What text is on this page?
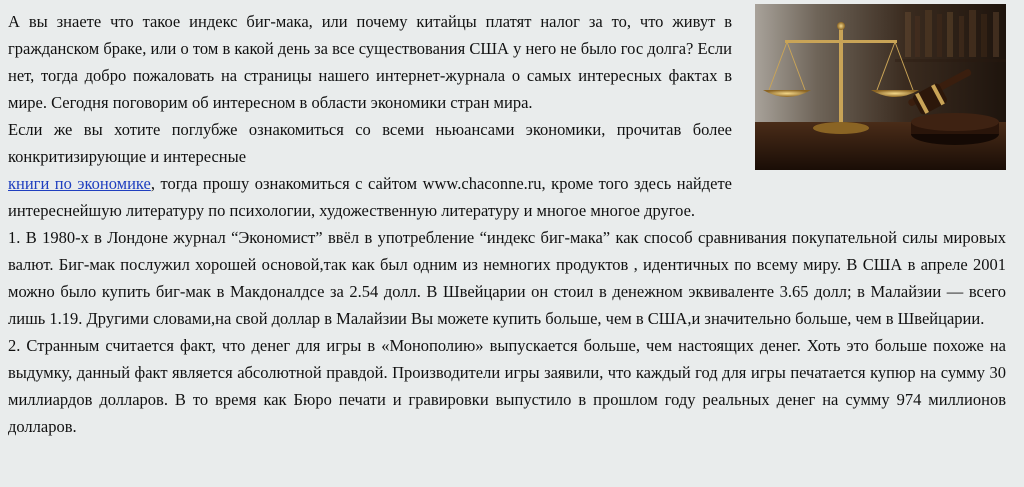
А вы знаете что такое индекс биг-мака, или почему китайцы платят налог за то, что живут в гражданском браке, или о том в какой день за все существования США у него не было гос долга? Если нет, тогда добро пожаловать на страницы нашего интернет-журнала о самых интересных фактах в мире. Сегодня поговорим об интересном в области экономики стран мира.

Если же вы хотите поглубже ознакомиться со всеми ньюансами экономики, прочитав более конкритизирующие и интересные
книги по экономике, тогда прошу ознакомиться с сайтом www.chaconne.ru, кроме того здесь найдете интереснейшую литературу по психологии, художественную литературу и многое многое другое.

1. В 1980-х в Лондоне журнал “Экономист” ввёл в употребление “индекс биг-мака” как способ сравнивания покупательной силы мировых валют. Биг-мак послужил хорошей основой,так как был одним из немногих продуктов , идентичных по всему миру. В США в апреле 2001 можно было купить биг-мак в Макдоналдсе за 2.54 долл. В Швейцарии он стоил в денежном эквиваленте 3.65 долл; в Малайзии — всего лишь 1.19. Другими словами,на свой доллар в Малайзии Вы можете купить больше, чем в США,и значительно больше, чем в Швейцарии.

2. Странным считается факт, что денег для игры в «Монополию» выпускается больше, чем настоящих денег. Хоть это больше похоже на выдумку, данный факт является абсолютной правдой. Производители игры заявили, что каждый год для игры печатается купюр на сумму 30 миллиардов долларов. В то время как Бюро печати и гравировки выпустило в прошлом году реальных денег на сумму 974 миллионов долларов.
